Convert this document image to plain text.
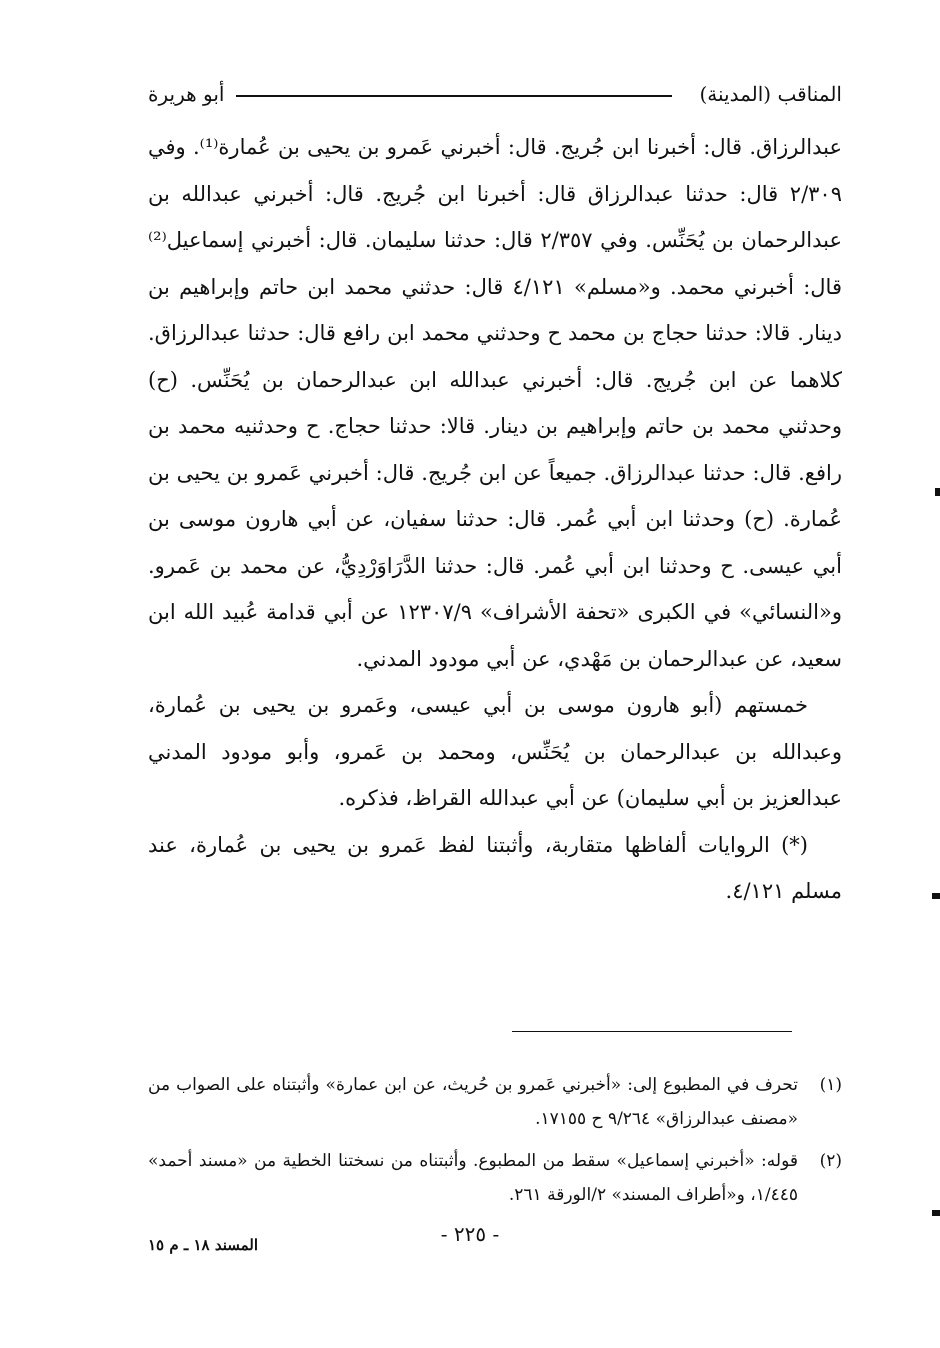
المناقب (المدينة)
أبو هريرة

عبدالرزاق. قال: أخبرنا ابن جُريج. قال: أخبرني عَمرو بن يحيى بن عُمارة⁽¹⁾. وفي ٢/٣٠٩ قال: حدثنا عبدالرزاق قال: أخبرنا ابن جُريج. قال: أخبرني عبدالله بن عبدالرحمان بن يُحَنِّس. وفي ٢/٣٥٧ قال: حدثنا سليمان. قال: أخبرني إسماعيل⁽²⁾ قال: أخبرني محمد. و«مسلم» ٤/١٢١ قال: حدثني محمد ابن حاتم وإبراهيم بن دينار. قالا: حدثنا حجاج بن محمد ح وحدثني محمد ابن رافع قال: حدثنا عبدالرزاق. كلاهما عن ابن جُريج. قال: أخبرني عبدالله ابن عبدالرحمان بن يُحَنِّس. (ح) وحدثني محمد بن حاتم وإبراهيم بن دينار. قالا: حدثنا حجاج. ح وحدثنيه محمد بن رافع. قال: حدثنا عبدالرزاق. جميعاً عن ابن جُريج. قال: أخبرني عَمرو بن يحيى بن عُمارة. (ح) وحدثنا ابن أبي عُمر. قال: حدثنا سفيان، عن أبي هارون موسى بن أبي عيسى. ح وحدثنا ابن أبي عُمر. قال: حدثنا الدَّرَاوَرْدِيُّ، عن محمد بن عَمرو. و«النسائي» في الكبرى «تحفة الأشراف» ١٢٣٠٧/٩ عن أبي قدامة عُبيد الله ابن سعيد، عن عبدالرحمان بن مَهْدي، عن أبي مودود المدني.

خمستهم (أبو هارون موسى بن أبي عيسى، وعَمرو بن يحيى بن عُمارة، وعبدالله بن عبدالرحمان بن يُحَنِّس، ومحمد بن عَمرو، وأبو مودود المدني عبدالعزيز بن أبي سليمان) عن أبي عبدالله القراظ، فذكره.

(*) الروايات ألفاظها متقاربة، وأثبتنا لفظ عَمرو بن يحيى بن عُمارة، عند مسلم ٤/١٢١.

(١)
تحرف في المطبوع إلى: «أخبرني عَمرو بن حُريث، عن ابن عمارة» وأثبتناه على الصواب من «مصنف عبدالرزاق» ٩/٢٦٤ ح ١٧١٥٥.
(٢)
قوله: «أخبرني إسماعيل» سقط من المطبوع. وأثبتناه من نسختنا الخطية من «مسند أحمد» ١/٤٤٥، و«أطراف المسند» ٢/الورقة ٢٦١.
- ٢٢٥ -
المسند ١٨ ـ م ١٥
